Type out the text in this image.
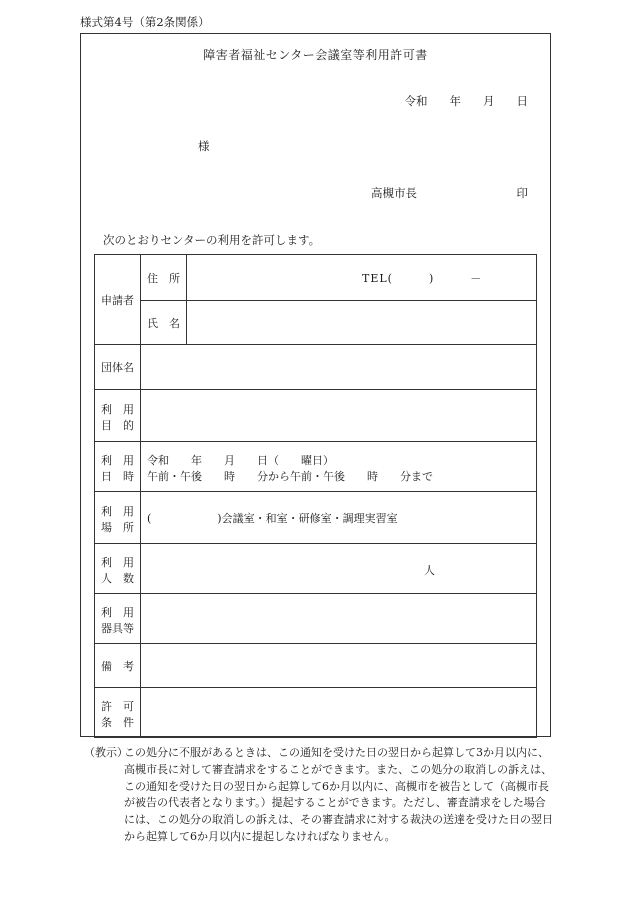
様式第4号（第2条関係）
障害者福祉センター会議室等利用許可書
令和 年 月 日
様
高槻市長	印
次のとおりセンターの利用を許可します。
申請者	住　所	TEL(　　　)　　　－

	氏　名	
団体名		

利　用
目　的		

利　用
日　時	令和　　年　　月　　日（　　曜日）
午前・午後　　時　　分から午前・午後　　時　　分まで	

利　用
場　所	(　　　　　　)会議室・和室・研修室・調理実習室	

利　用
人　数	人	

利　用
器具等		

備　考		

許　可
条　件		

（教示）
この処分に不服があるときは、この通知を受けた日の翌日から起算して3か月以内に、高槻市長に対して審査請求をすることができます。また、この処分の取消しの訴えは、この通知を受けた日の翌日から起算して6か月以内に、高槻市を被告として（高槻市長が被告の代表者となります。）提起することができます。ただし、審査請求をした場合には、この処分の取消しの訴えは、その審査請求に対する裁決の送達を受けた日の翌日から起算して6か月以内に提起しなければなりません。
